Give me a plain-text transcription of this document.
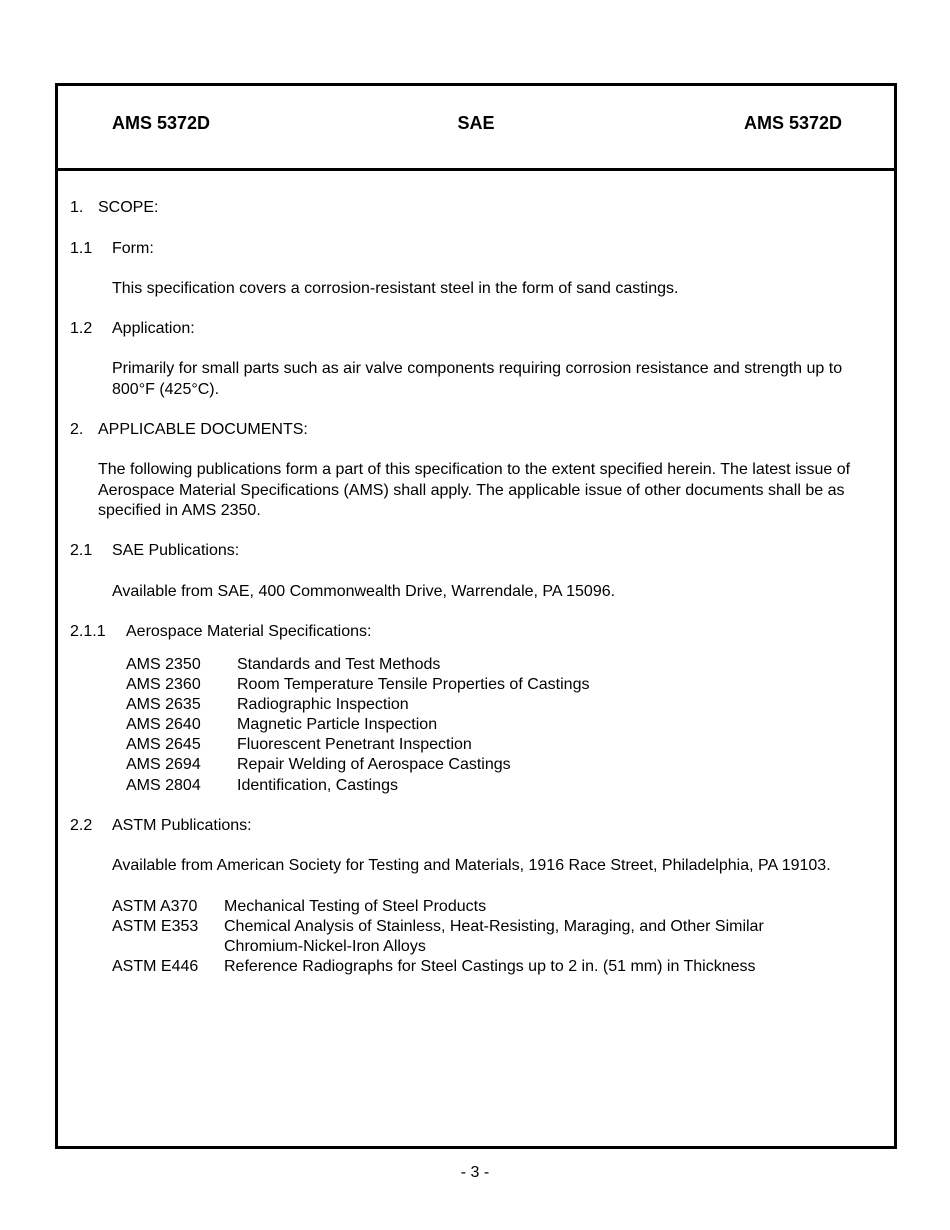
AMS 5372D	SAE	AMS 5372D
1. SCOPE:
1.1 Form:
This specification covers a corrosion-resistant steel in the form of sand castings.
1.2 Application:
Primarily for small parts such as air valve components requiring corrosion resistance and strength up to 800°F (425°C).
2. APPLICABLE DOCUMENTS:
The following publications form a part of this specification to the extent specified herein. The latest issue of Aerospace Material Specifications (AMS) shall apply. The applicable issue of other documents shall be as specified in AMS 2350.
2.1 SAE Publications:
Available from SAE, 400 Commonwealth Drive, Warrendale, PA 15096.
2.1.1 Aerospace Material Specifications:
AMS 2350 Standards and Test Methods
AMS 2360 Room Temperature Tensile Properties of Castings
AMS 2635 Radiographic Inspection
AMS 2640 Magnetic Particle Inspection
AMS 2645 Fluorescent Penetrant Inspection
AMS 2694 Repair Welding of Aerospace Castings
AMS 2804 Identification, Castings
2.2 ASTM Publications:
Available from American Society for Testing and Materials, 1916 Race Street, Philadelphia, PA 19103.
ASTM A370 Mechanical Testing of Steel Products
ASTM E353 Chemical Analysis of Stainless, Heat-Resisting, Maraging, and Other Similar
Chromium-Nickel-Iron Alloys
ASTM E446 Reference Radiographs for Steel Castings up to 2 in. (51 mm) in Thickness
- 3 -
